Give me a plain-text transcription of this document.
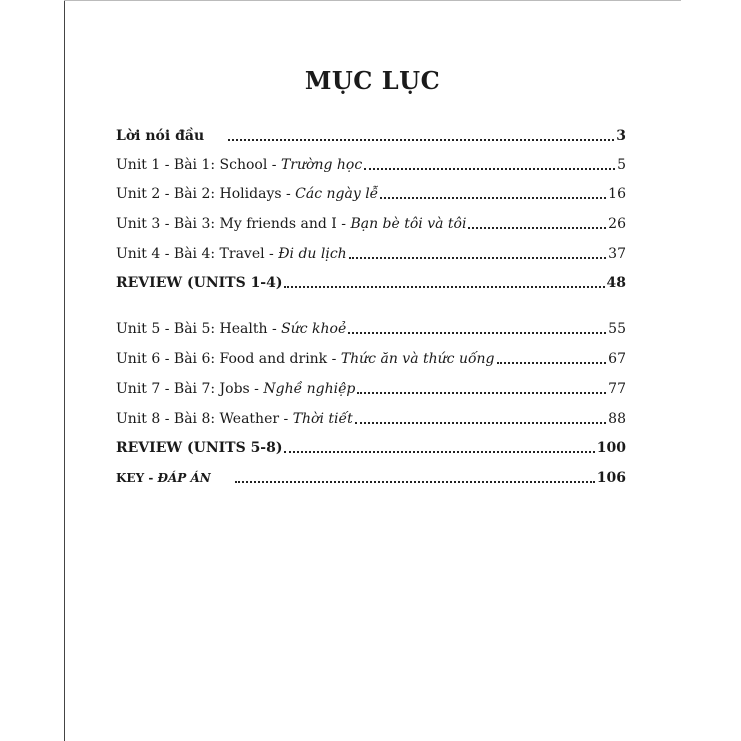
MỤC LỤC
Lời nói đầu	3
Unit 1 - Bài 1: School - Trường học	5
Unit 2 - Bài 2: Holidays - Các ngày lễ	16
Unit 3 - Bài 3: My friends and I - Bạn bè tôi và tôi	26
Unit 4 - Bài 4: Travel - Đi du lịch	37
REVIEW (UNITS 1-4)	48
Unit 5 - Bài 5: Health - Sức khoẻ	55
Unit 6 - Bài 6: Food and drink - Thức ăn và thức uống	67
Unit 7 - Bài 7: Jobs - Nghề nghiệp	77
Unit 8 - Bài 8: Weather - Thời tiết	88
REVIEW (UNITS 5-8)	100
KEY - ĐÁP ÁN	106
